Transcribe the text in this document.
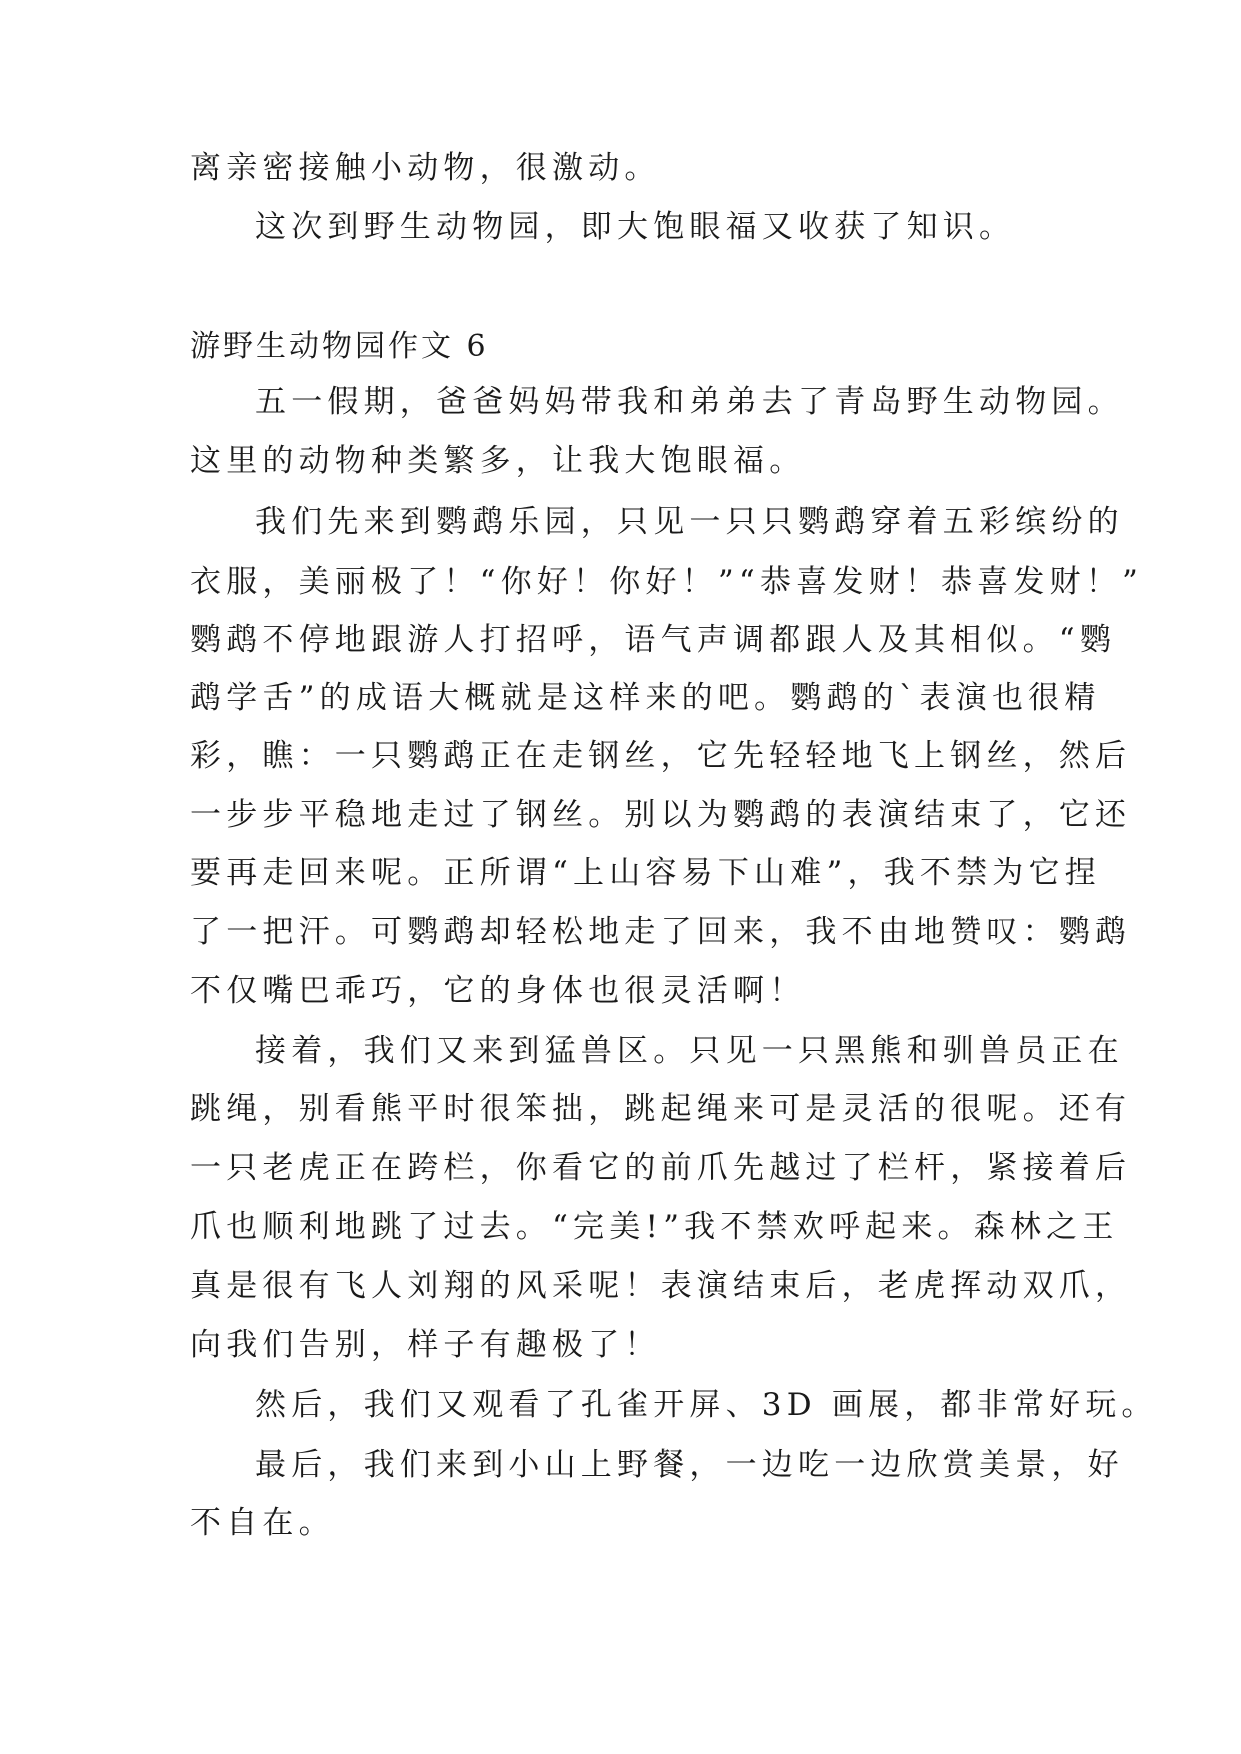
离亲密接触小动物，很激动。
这次到野生动物园，即大饱眼福又收获了知识。
游野生动物园作文 6
五一假期，爸爸妈妈带我和弟弟去了青岛野生动物园。
这里的动物种类繁多，让我大饱眼福。
我们先来到鹦鹉乐园，只见一只只鹦鹉穿着五彩缤纷的
衣服，美丽极了！“你好！你好！”“恭喜发财！恭喜发财！”
鹦鹉不停地跟游人打招呼，语气声调都跟人及其相似。“鹦
鹉学舌”的成语大概就是这样来的吧。鹦鹉的`表演也很精
彩，瞧：一只鹦鹉正在走钢丝，它先轻轻地飞上钢丝，然后
一步步平稳地走过了钢丝。别以为鹦鹉的表演结束了，它还
要再走回来呢。正所谓“上山容易下山难”，我不禁为它捏
了一把汗。可鹦鹉却轻松地走了回来，我不由地赞叹：鹦鹉
不仅嘴巴乖巧，它的身体也很灵活啊！
接着，我们又来到猛兽区。只见一只黑熊和驯兽员正在
跳绳，别看熊平时很笨拙，跳起绳来可是灵活的很呢。还有
一只老虎正在跨栏，你看它的前爪先越过了栏杆，紧接着后
爪也顺利地跳了过去。“完美!”我不禁欢呼起来。森林之王
真是很有飞人刘翔的风采呢！表演结束后，老虎挥动双爪，
向我们告别，样子有趣极了！
然后，我们又观看了孔雀开屏、3D 画展，都非常好玩。
最后，我们来到小山上野餐，一边吃一边欣赏美景，好
不自在。
